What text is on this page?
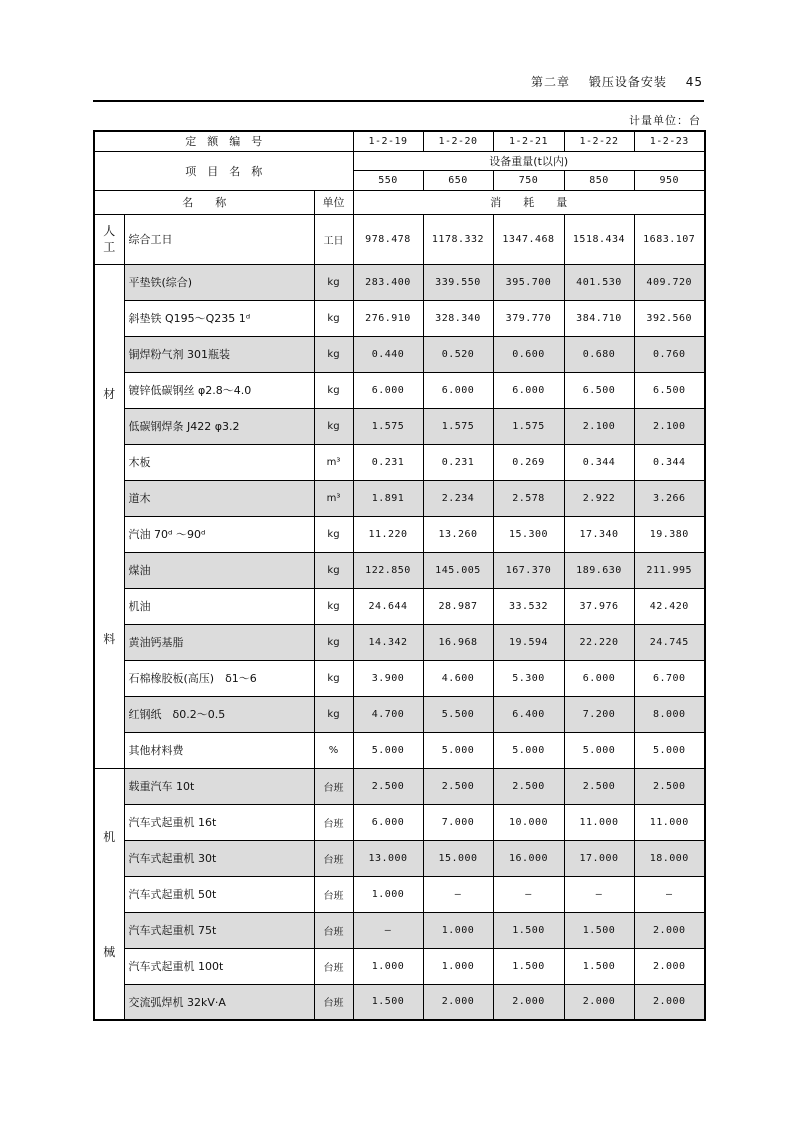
第二章 锻压设备安装 45
计量单位：台
定　额　编　号			1-2-19	1-2-20	1-2-21	1-2-22	1-2-23
项　目　名　称			设备重量(t以内)				
			550	650	750	850	950
名　　称		单位	消　　耗　　量				
人工	综合工日	工日	978.478	1178.332	1347.468	1518.434	1683.107

材
料	平垫铁(综合)	kg	283.400	339.550	395.700	401.530	409.720
	斜垫铁 Q195～Q235 1ᵈ	kg	276.910	328.340	379.770	384.710	392.560
	铜焊粉气剂 301瓶装	kg	0.440	0.520	0.600	0.680	0.760
	镀锌低碳钢丝 φ2.8～4.0	kg	6.000	6.000	6.000	6.500	6.500
	低碳钢焊条 J422 φ3.2	kg	1.575	1.575	1.575	2.100	2.100
	木板	m³	0.231	0.231	0.269	0.344	0.344
	道木	m³	1.891	2.234	2.578	2.922	3.266
	汽油 70ᵈ ～90ᵈ	kg	11.220	13.260	15.300	17.340	19.380
	煤油	kg	122.850	145.005	167.370	189.630	211.995
	机油	kg	24.644	28.987	33.532	37.976	42.420
	黄油钙基脂	kg	14.342	16.968	19.594	22.220	24.745
	石棉橡胶板(高压)　δ1～6	kg	3.900	4.600	5.300	6.000	6.700
	红钢纸　δ0.2～0.5	kg	4.700	5.500	6.400	7.200	8.000
	其他材料费	%	5.000	5.000	5.000	5.000	5.000

机
械	载重汽车 10t	台班	2.500	2.500	2.500	2.500	2.500
	汽车式起重机 16t	台班	6.000	7.000	10.000	11.000	11.000
	汽车式起重机 30t	台班	13.000	15.000	16.000	17.000	18.000
	汽车式起重机 50t	台班	1.000	—	—	—	—
	汽车式起重机 75t	台班	—	1.000	1.500	1.500	2.000
	汽车式起重机 100t	台班	1.000	1.000	1.500	1.500	2.000
	交流弧焊机 32kV·A	台班	1.500	2.000	2.000	2.000	2.000
